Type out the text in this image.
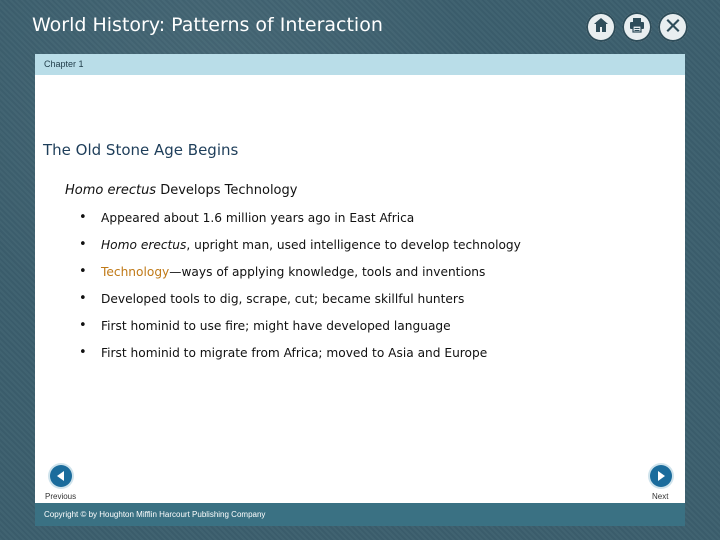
World History: Patterns of Interaction
Chapter 1
The Old Stone Age Begins
Homo erectus Develops Technology
• Appeared about 1.6 million years ago in East Africa
• Homo erectus, upright man, used intelligence to develop technology
• Technology—ways of applying knowledge, tools and inventions
• Developed tools to dig, scrape, cut; became skillful hunters
• First hominid to use fire; might have developed language
• First hominid to migrate from Africa; moved to Asia and Europe
Previous	Next
Copyright © by Houghton Mifflin Harcourt Publishing Company
